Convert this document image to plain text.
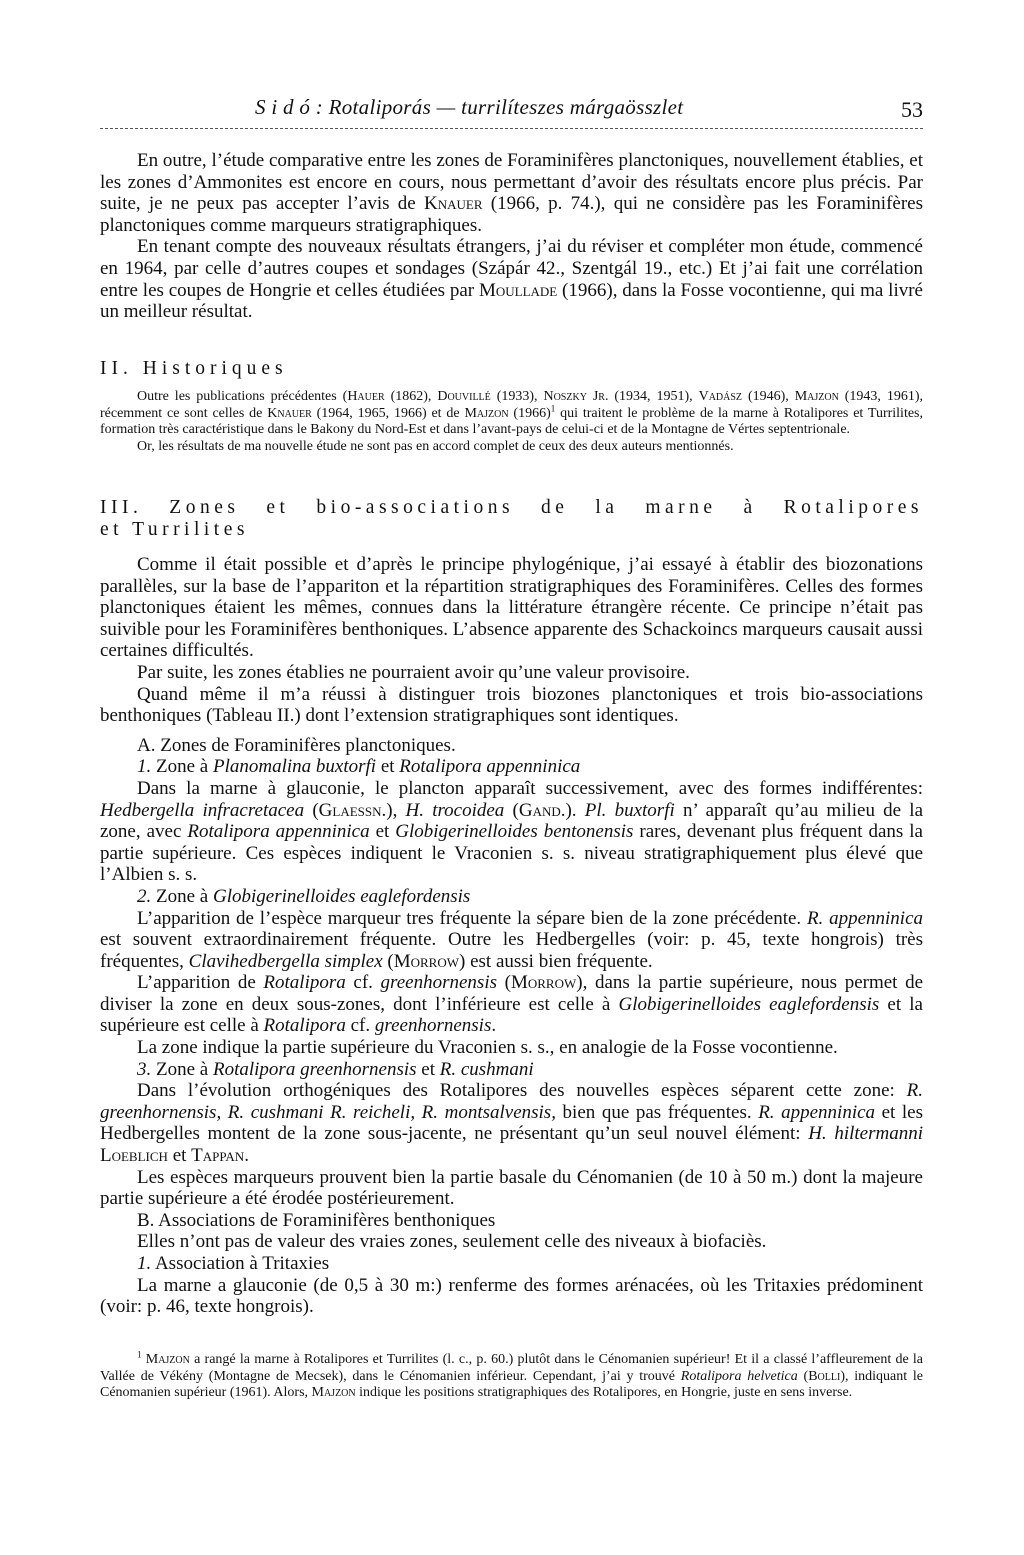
S i d ó : Rotaliporás — turrilíteszes márgaösszlet	53

En outre, l’étude comparative entre les zones de Foraminifères planctoniques, nouvellement établies, et les zones d’Ammonites est encore en cours, nous permettant d’avoir des résultats encore plus précis. Par suite, je ne peux pas accepter l’avis de Knauer (1966, p. 74.), qui ne considère pas les Foraminifères planctoniques comme marqueurs stratigraphiques.

En tenant compte des nouveaux résultats étrangers, j’ai du réviser et compléter mon étude, commencé en 1964, par celle d’autres coupes et sondages (Szápár 42., Szentgál 19., etc.) Et j’ai fait une corrélation entre les coupes de Hongrie et celles étudiées par Moullade (1966), dans la Fosse vocontienne, qui ma livré un meilleur résultat.

II. Historiques

Outre les publications précédentes (Hauer (1862), Douvillé (1933), Noszky Jr. (1934, 1951), Vadász (1946), Majzon (1943, 1961), récemment ce sont celles de Knauer (1964, 1965, 1966) et de Majzon $(1966)^1$ qui traitent le problème de la marne à Rotalipores et Turrilites, formation très caractéristique dans le Bakony du Nord-Est et dans l’avant-pays de celui-ci et de la Montagne de Vértes septentrionale.

Or, les résultats de ma nouvelle étude ne sont pas en accord complet de ceux des deux auteurs mentionnés.

III. Zones et bio-associations de la marne à Rotalipores
et Turrilites

Comme il était possible et d’après le principe phylogénique, j’ai essayé à établir des biozonations parallèles, sur la base de l’appariton et la répartition stratigraphiques des Foraminifères. Celles des formes planctoniques étaient les mêmes, connues dans la littérature étrangère récente. Ce principe n’était pas suivible pour les Foraminifères benthoniques. L’absence apparente des Schackoincs marqueurs causait aussi certaines difficultés.

Par suite, les zones établies ne pourraient avoir qu’une valeur provisoire.

Quand même il m’a réussi à distinguer trois biozones planctoniques et trois bio-associations benthoniques (Tableau II.) dont l’extension stratigraphiques sont identiques.

A. Zones de Foraminifères planctoniques.

1. Zone à Planomalina buxtorfi et Rotalipora appenninica

Dans la marne à glauconie, le plancton apparaît successivement, avec des formes indifférentes: Hedbergella infracretacea (Glaessn.), H. trocoidea (Gand.). Pl. buxtorfi n’ apparaît qu’au milieu de la zone, avec Rotalipora appenninica et Globigerinelloides bentonensis rares, devenant plus fréquent dans la partie supérieure. Ces espèces indiquent le Vraconien s. s. niveau stratigraphiquement plus élevé que l’Albien s. s.

2. Zone à Globigerinelloides eaglefordensis

L’apparition de l’espèce marqueur tres fréquente la sépare bien de la zone précédente. R. appenninica est souvent extraordinairement fréquente. Outre les Hedbergelles (voir: p. 45, texte hongrois) très fréquentes, Clavihedbergella simplex (Morrow) est aussi bien fréquente.

L’apparition de Rotalipora cf. greenhornensis (Morrow), dans la partie supérieure, nous permet de diviser la zone en deux sous-zones, dont l’inférieure est celle à Globigerinelloides eaglefordensis et la supérieure est celle à Rotalipora cf. greenhornensis.

La zone indique la partie supérieure du Vraconien s. s., en analogie de la Fosse vocontienne.

3. Zone à Rotalipora greenhornensis et R. cushmani

Dans l’évolution orthogéniques des Rotalipores des nouvelles espèces séparent cette zone: R. greenhornensis, R. cushmani R. reicheli, R. montsalvensis, bien que pas fréquentes. R. appenninica et les Hedbergelles montent de la zone sous-jacente, ne présentant qu’un seul nouvel élément: H. hiltermanni Loeblich et Tappan.

Les espèces marqueurs prouvent bien la partie basale du Cénomanien (de 10 à 50 m.) dont la majeure partie supérieure a été érodée postérieurement.

B. Associations de Foraminifères benthoniques

Elles n’ont pas de valeur des vraies zones, seulement celle des niveaux à biofaciès.

1. Association à Tritaxies

La marne a glauconie (de 0,5 à 30 m:) renferme des formes arénacées, où les Tritaxies prédominent (voir: p. 46, texte hongrois).

$^1$ Majzon a rangé la marne à Rotalipores et Turrilites (l. c., p. 60.) plutôt dans le Cénomanien supérieur! Et il a classé l’affleurement de la Vallée de Vékény (Montagne de Mecsek), dans le Cénomanien inférieur. Cependant, j’ai y trouvé Rotalipora helvetica (Bolli), indiquant le Cénomanien supérieur (1961). Alors, Majzon indique les positions stratigraphiques des Rotalipores, en Hongrie, juste en sens inverse.
